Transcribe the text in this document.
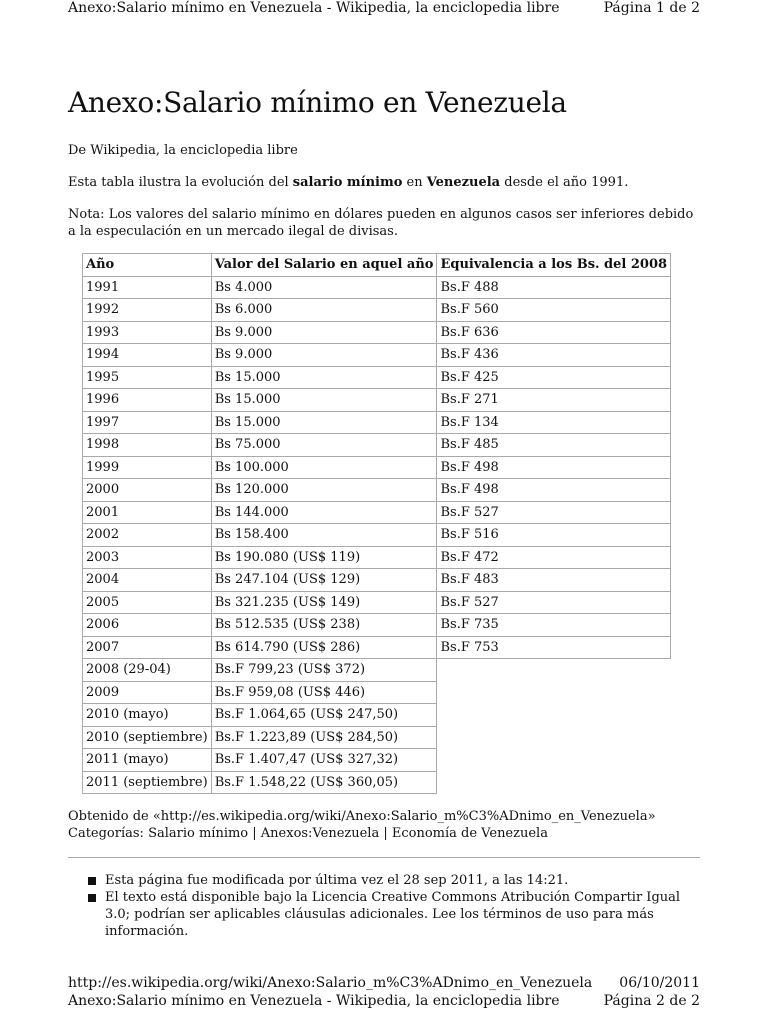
Anexo:Salario mínimo en Venezuela - Wikipedia, la enciclopedia libre	Página 1 de 2
Anexo:Salario mínimo en Venezuela
De Wikipedia, la enciclopedia libre
Esta tabla ilustra la evolución del salario mínimo en Venezuela desde el año 1991.
Nota: Los valores del salario mínimo en dólares pueden en algunos casos ser inferiores debido a la especulación en un mercado ilegal de divisas.
Año	Valor del Salario en aquel año	Equivalencia a los Bs. del 2008
1991	Bs 4.000	Bs.F 488
1992	Bs 6.000	Bs.F 560
1993	Bs 9.000	Bs.F 636
1994	Bs 9.000	Bs.F 436
1995	Bs 15.000	Bs.F 425
1996	Bs 15.000	Bs.F 271
1997	Bs 15.000	Bs.F 134
1998	Bs 75.000	Bs.F 485
1999	Bs 100.000	Bs.F 498
2000	Bs 120.000	Bs.F 498
2001	Bs 144.000	Bs.F 527
2002	Bs 158.400	Bs.F 516
2003	Bs 190.080 (US$ 119)	Bs.F 472
2004	Bs 247.104 (US$ 129)	Bs.F 483
2005	Bs 321.235 (US$ 149)	Bs.F 527
2006	Bs 512.535 (US$ 238)	Bs.F 735
2007	Bs 614.790 (US$ 286)	Bs.F 753
2008 (29-04)	Bs.F 799,23 (US$ 372)	
2009	Bs.F 959,08 (US$ 446)	
2010 (mayo)	Bs.F 1.064,65 (US$ 247,50)	
2010 (septiembre)	Bs.F 1.223,89 (US$ 284,50)	
2011 (mayo)	Bs.F 1.407,47 (US$ 327,32)	
2011 (septiembre)	Bs.F 1.548,22 (US$ 360,05)	
Obtenido de «http://es.wikipedia.org/wiki/Anexo:Salario_m%C3%ADnimo_en_Venezuela»
Categorías: Salario mínimo | Anexos:Venezuela | Economía de Venezuela
Esta página fue modificada por última vez el 28 sep 2011, a las 14:21.
El texto está disponible bajo la Licencia Creative Commons Atribución Compartir Igual 3.0; podrían ser aplicables cláusulas adicionales. Lee los términos de uso para más información.
http://es.wikipedia.org/wiki/Anexo:Salario_m%C3%ADnimo_en_Venezuela 06/10/2011
Anexo:Salario mínimo en Venezuela - Wikipedia, la enciclopedia libre	Página 2 de 2
